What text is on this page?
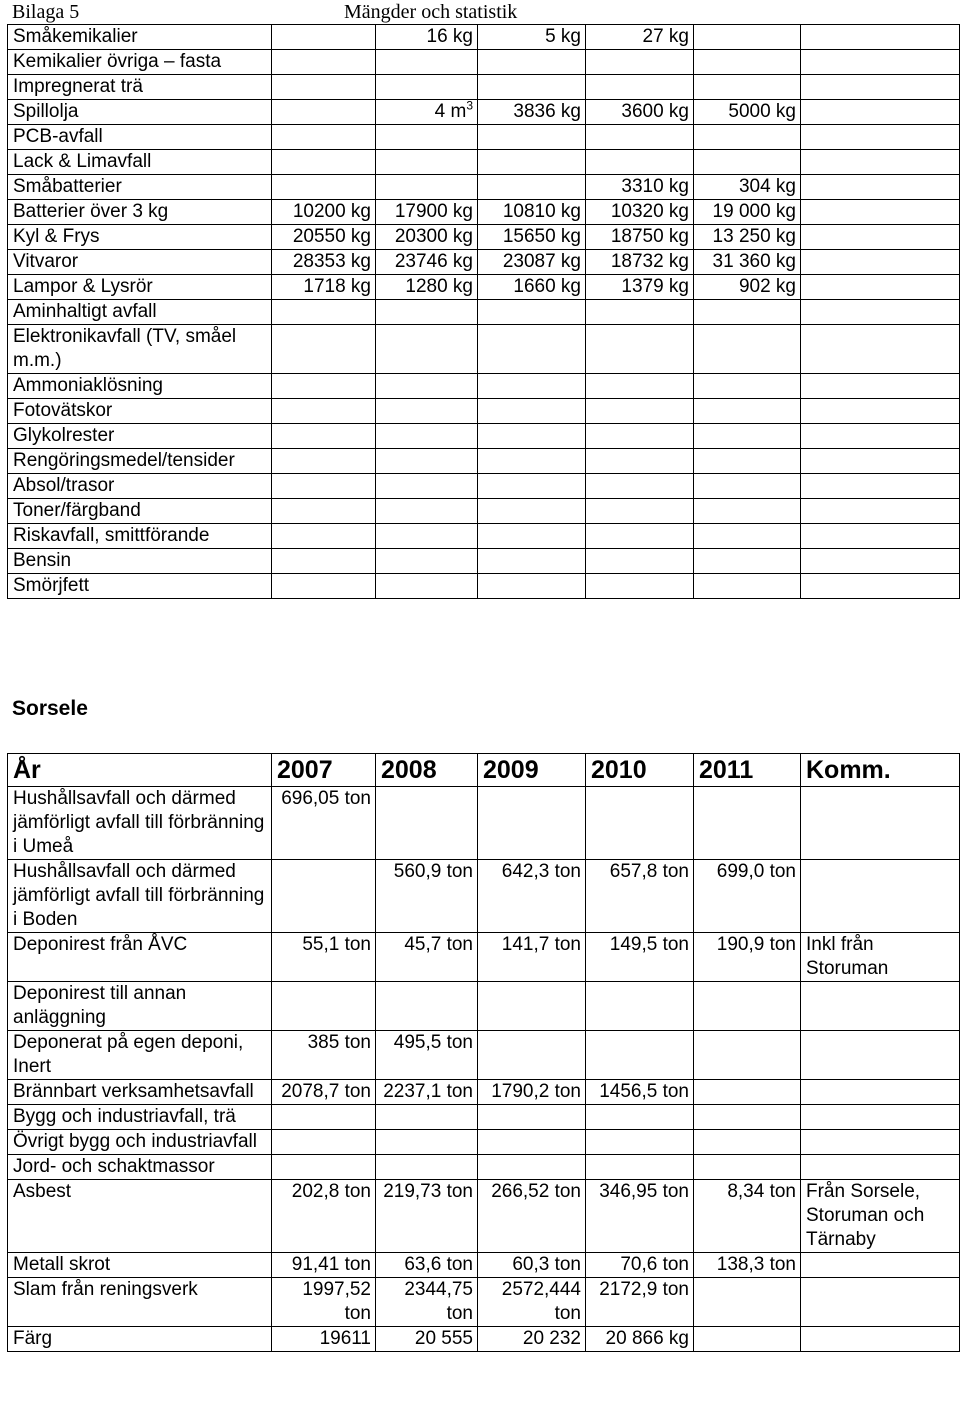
Bilaga 5	Mängder och statistik
Småkemikalier		16 kg	5 kg	27 kg		
Kemikalier övriga – fasta						
Impregnerat trä						
Spillolja		4 $m^3$	3836 kg	3600 kg	5000 kg	
PCB-avfall						
Lack & Limavfall						
Småbatterier				3310 kg	304 kg	
Batterier över 3 kg	10200 kg	17900 kg	10810 kg	10320 kg	19 000 kg	
Kyl & Frys	20550 kg	20300 kg	15650 kg	18750 kg	13 250 kg	
Vitvaror	28353 kg	23746 kg	23087 kg	18732 kg	31 360 kg	
Lampor & Lysrör	1718 kg	1280 kg	1660 kg	1379 kg	902 kg	
Aminhaltigt avfall						
Elektronikavfall (TV, småel m.m.)						
Ammoniaklösning						
Fotovätskor						
Glykolrester						
Rengöringsmedel/tensider						
Absol/trasor						
Toner/färgband						
Riskavfall, smittförande						
Bensin						
Smörjfett						
Sorsele
År	2007	2008	2009	2010	2011	Komm.
Hushållsavfall och därmed jämförligt avfall till förbränning i Umeå	696,05 ton					
Hushållsavfall och därmed jämförligt avfall till förbränning i Boden		560,9 ton	642,3 ton	657,8 ton	699,0 ton	
Deponirest från ÅVC	55,1 ton	45,7 ton	141,7 ton	149,5 ton	190,9 ton	Inkl från Storuman
Deponirest till annan anläggning						
Deponerat på egen deponi, Inert	385 ton	495,5 ton				
Brännbart verksamhetsavfall	2078,7 ton	2237,1 ton	1790,2 ton	1456,5 ton		
Bygg och industriavfall, trä						
Övrigt bygg och industriavfall						
Jord- och schaktmassor						
Asbest	202,8 ton	219,73 ton	266,52 ton	346,95 ton	8,34 ton	Från Sorsele, Storuman och Tärnaby
Metall skrot	91,41 ton	63,6 ton	60,3 ton	70,6 ton	138,3 ton	
Slam från reningsverk	1997,52 ton	2344,75 ton	2572,444 ton	2172,9 ton		
Färg	19611	20 555	20 232	20 866 kg		
